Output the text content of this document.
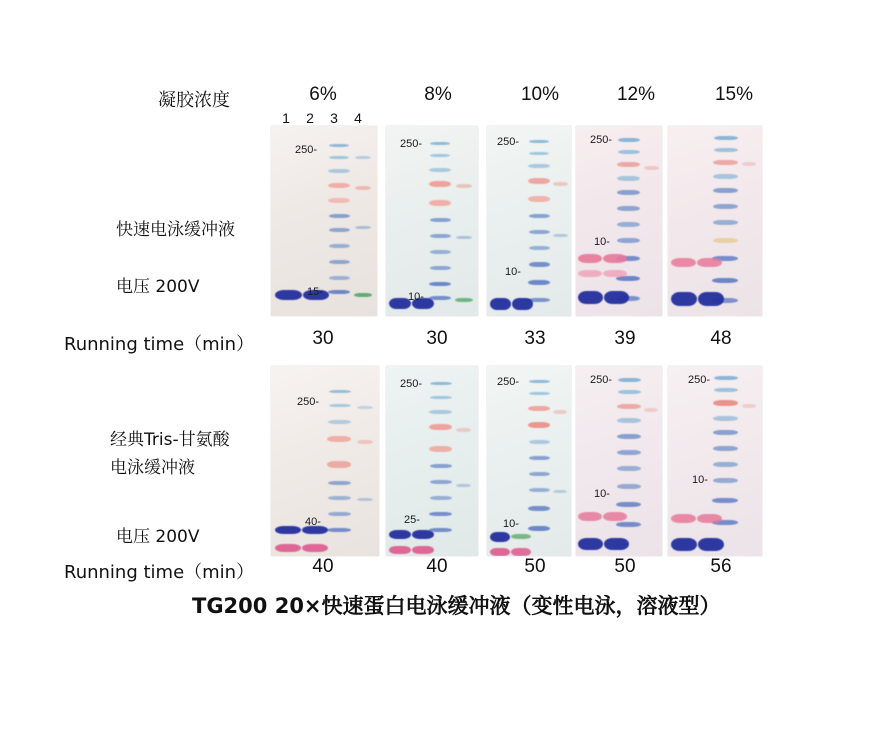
凝胶浓度	6%	8%	10%	12%	15%
1 2 3 4
快速电泳缓冲液
电压 200V
250-
15-
250-
10-
250-
10-
250-
10-
Running time（min）	30	30	33	39	48
经典Tris-甘氨酸
电泳缓冲液
电压 200V
250-
40-
250-
25-
250-
10-
250-
10-
250-
10-
Running time（min）	40	40	50	50	56
TG200 20×快速蛋白电泳缓冲液（变性电泳，溶液型）
